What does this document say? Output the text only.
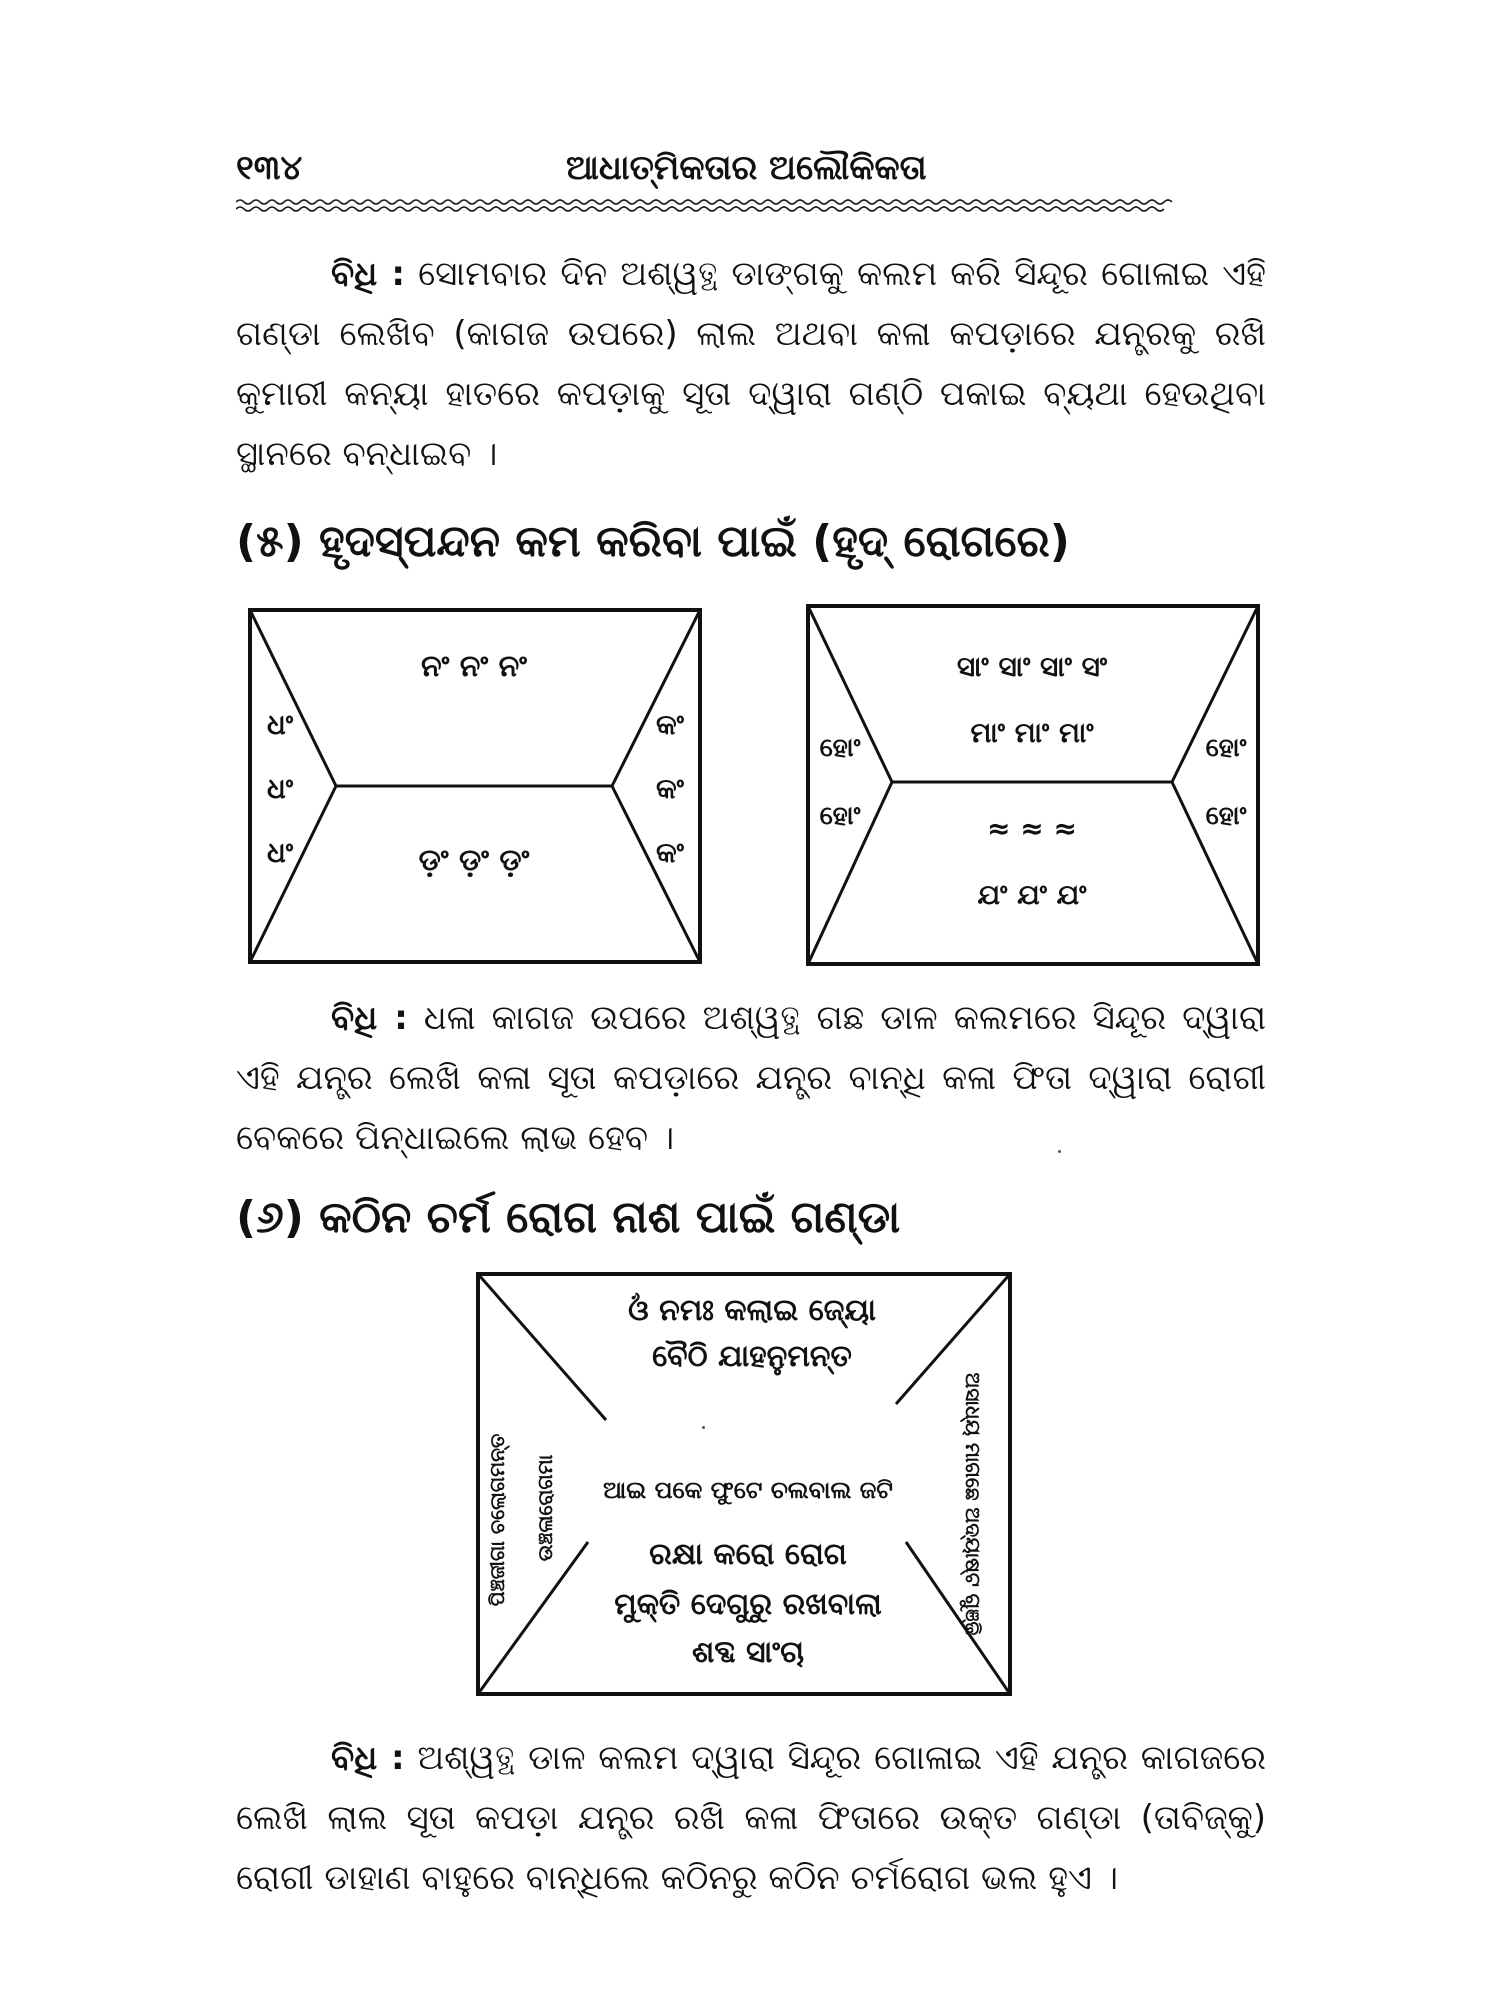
୧୩୪	ଆଧାତ୍ମିକତାର ଅଲୌକିକତା

ବିଧି : ସୋମବାର ଦିନ ଅଶ୍ୱତ୍ଥ ଡାଙ୍ଗକୁ କଲମ କରି ସିନ୍ଦୂର ଗୋଳାଇ ଏହି ଗଣ୍ଡା ଲେଖିବ (କାଗଜ ଉପରେ) ଲାଲ ଅଥବା କଳା କପଡ଼ାରେ ଯନ୍ତ୍ରକୁ ରଖି କୁମାରୀ କନ୍ୟା ହାତରେ କପଡ଼ାକୁ ସୂତା ଦ୍ୱାରା ଗଣ୍ଠି ପକାଇ ବ୍ୟଥା ହେଉଥିବା ସ୍ଥାନରେ ବନ୍ଧାଇବ ।

(୫) ହୃଦସ୍ପନ୍ଦନ କମ କରିବା ପାଇଁ (ହୃଦ୍ ରୋଗରେ)
ନଂ ନଂ ନଂ
ଧଂ
ଧଂ
ଧଂ
କଂ
କଂ
କଂ
ଡ଼ଂ ଡ଼ଂ ଡ଼ଂ
ସାଂ ସାଂ ସାଂ ସଂ
ମାଂ ମାଂ ମାଂ
ହୋଂ
ହୋଂ
ହୋଂ
ହୋଂ
≈ ≈ ≈
ଯଂ ଯଂ ଯଂ

ବିଧି : ଧଳା କାଗଜ ଉପରେ ଅଶ୍ୱତ୍ଥ ଗଛ ଡାଳ କଲମରେ ସିନ୍ଦୂର ଦ୍ୱାରା ଏହି ଯନ୍ତ୍ର ଲେଖି କଳା ସୂତା କପଡ଼ାରେ ଯନ୍ତ୍ର ବାନ୍ଧି କଳା ଫିତା ଦ୍ୱାରା ରୋଗୀ ବେକରେ ପିନ୍ଧାଇଲେ ଲାଭ ହେବ ।

(୬) କଠିନ ଚର୍ମ ରୋଗ ନାଶ ପାଇଁ ଗଣ୍ଡା
ଓଁ ନମଃ କଲାଇ ଜ୍ୟୋ
ବୈଠି ଯାହନୁମନ୍ତ
ଆଇ ପକେ ଫୁଟେ ଚଲବାଲ ଜଟି
ରକ୍ଷା କରୋ ରୋଗ
ମୁକ୍ତି ଦେଗୁରୁ ରଖବାଲା
ଶବ୍ଦ ସାଂଚା
ପିଞ୍ଚଜୀଗା ଚଲୋଗମନ୍ତ ଉଞ୍ଚଳାରୋଗମା	ଅସାଧ୍ୟ ମାଗଛେ ଅଦ୍ୟାଷ୍ଟ ଗୁଞ୍ଜି

ବିଧି : ଅଶ୍ୱତ୍ଥ ଡାଳ କଲମ ଦ୍ୱାରା ସିନ୍ଦୂର ଗୋଳାଇ ଏହି ଯନ୍ତ୍ର କାଗଜରେ ଲେଖି ଲାଲ ସୂତା କପଡ଼ା ଯନ୍ତ୍ର ରଖି କଳା ଫିତାରେ ଉକ୍ତ ଗଣ୍ଡା (ତାବିଜ୍‌କୁ) ରୋଗୀ ଡାହାଣ ବାହୁରେ ବାନ୍ଧିଲେ କଠିନରୁ କଠିନ ଚର୍ମରୋଗ ଭଲ ହୁଏ ।
